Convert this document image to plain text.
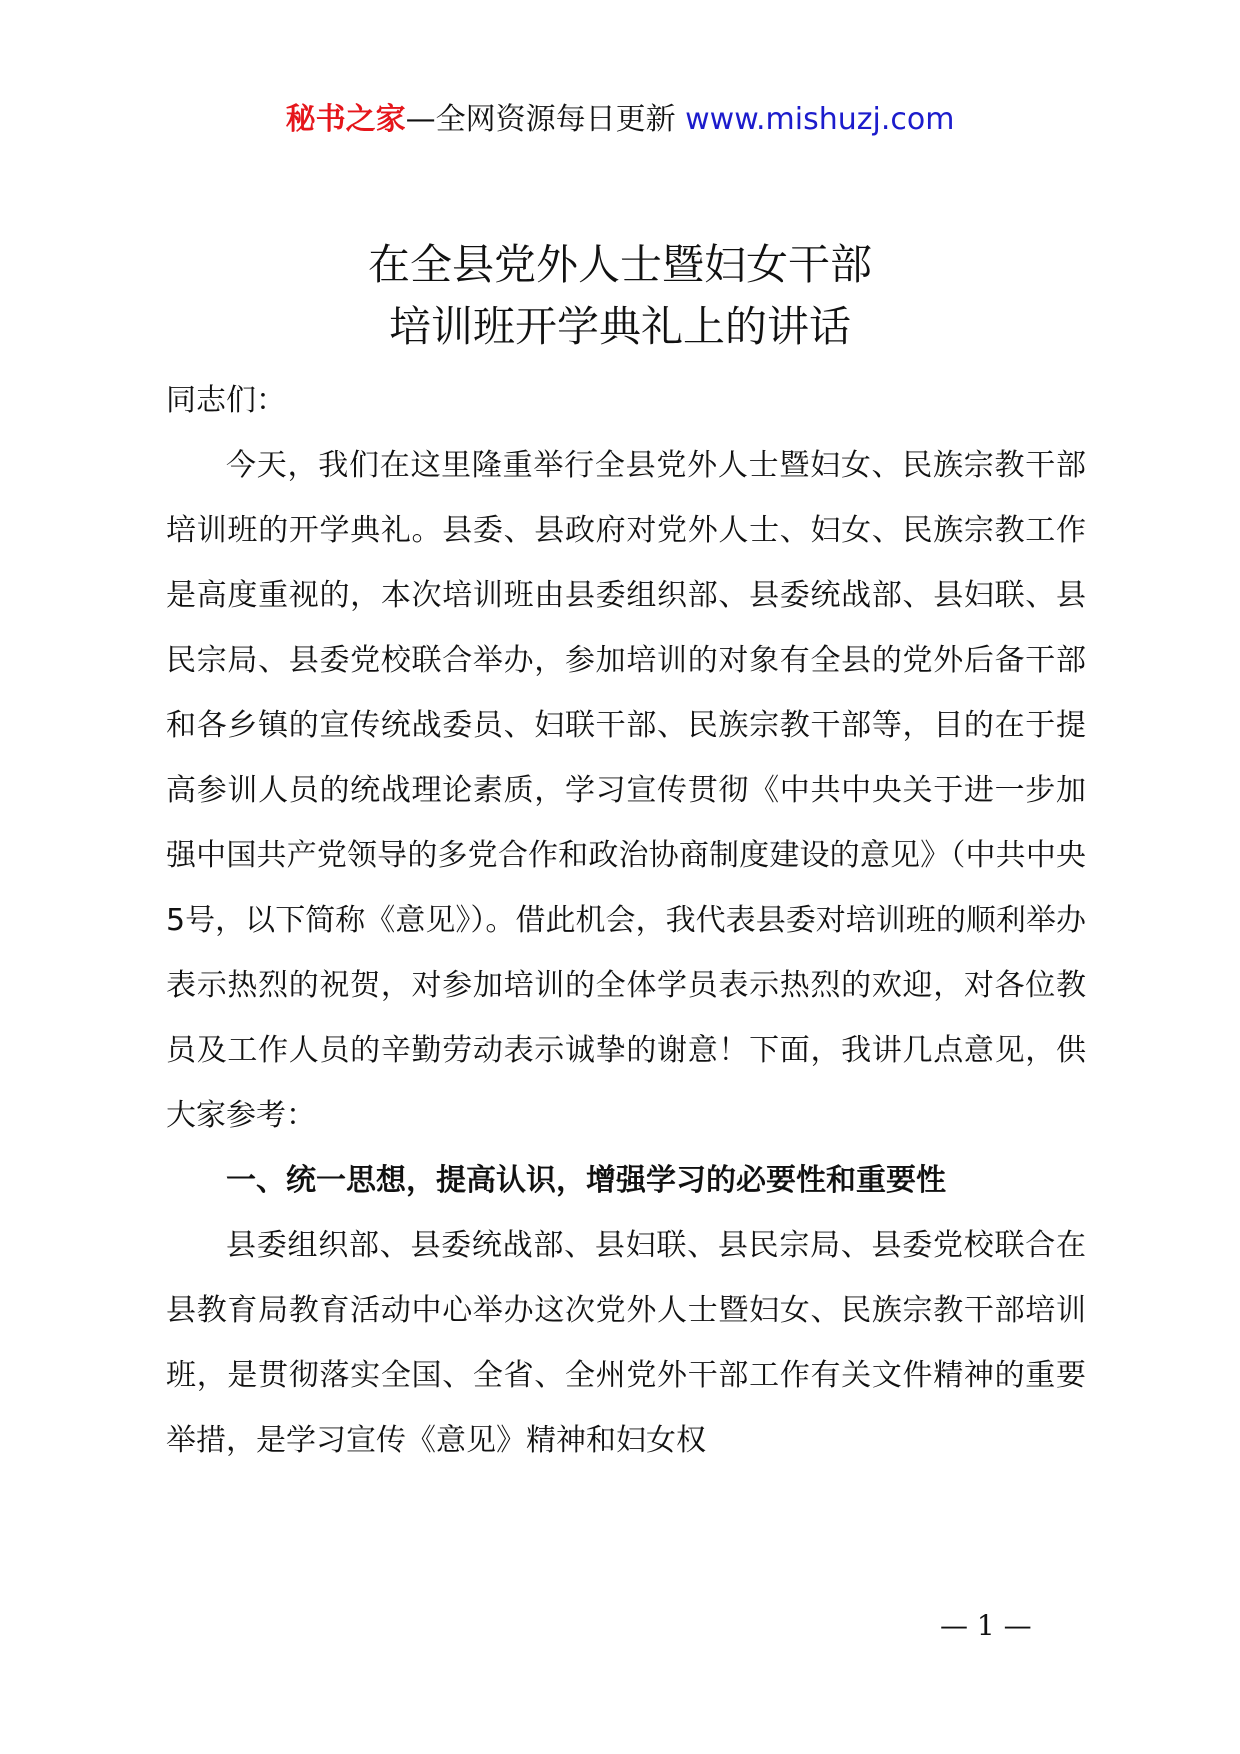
秘书之家—全网资源每日更新 www.mishuzj.com
在全县党外人士暨妇女干部
培训班开学典礼上的讲话

同志们：

今天，我们在这里隆重举行全县党外人士暨妇女、民族宗教干部培训班的开学典礼。县委、县政府对党外人士、妇女、民族宗教工作是高度重视的，本次培训班由县委组织部、县委统战部、县妇联、县民宗局、县委党校联合举办，参加培训的对象有全县的党外后备干部和各乡镇的宣传统战委员、妇联干部、民族宗教干部等，目的在于提高参训人员的统战理论素质，学习宣传贯彻《中共中央关于进一步加强中国共产党领导的多党合作和政治协商制度建设的意见》（中共中央5号，以下简称《意见》）。借此机会，我代表县委对培训班的顺利举办表示热烈的祝贺，对参加培训的全体学员表示热烈的欢迎，对各位教员及工作人员的辛勤劳动表示诚挚的谢意！下面，我讲几点意见，供大家参考：

一、统一思想，提高认识，增强学习的必要性和重要性

县委组织部、县委统战部、县妇联、县民宗局、县委党校联合在县教育局教育活动中心举办这次党外人士暨妇女、民族宗教干部培训班，是贯彻落实全国、全省、全州党外干部工作有关文件精神的重要举措，是学习宣传《意见》精神和妇女权

— 1 —
